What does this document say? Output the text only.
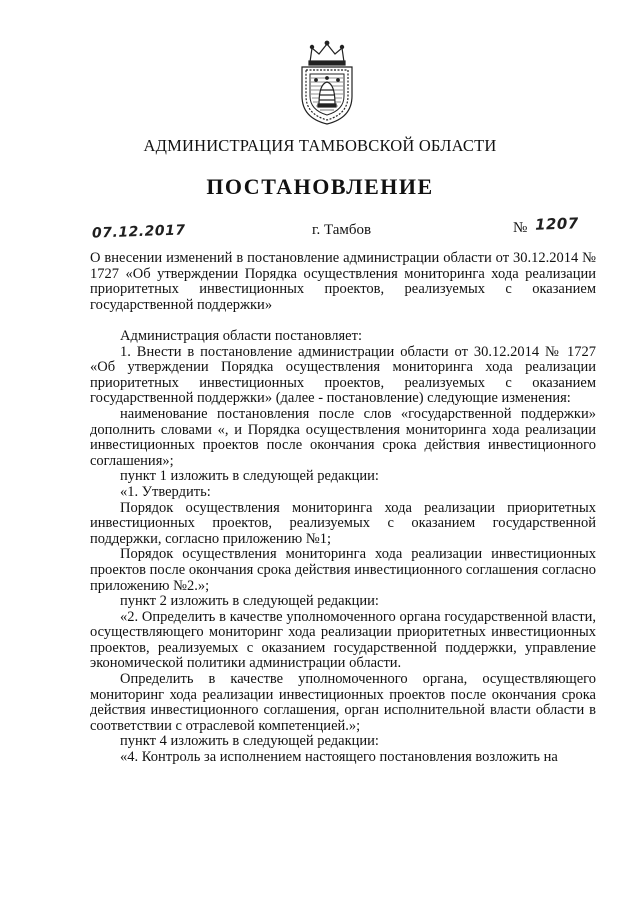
АДМИНИСТРАЦИЯ ТАМБОВСКОЙ ОБЛАСТИ
ПОСТАНОВЛЕНИЕ
07.12.2017	г. Тамбов	№ 1207

О внесении изменений в постановление администрации области от 30.12.2014 № 1727 «Об утверждении Порядка осуществления мониторинга хода реализации приоритетных инвестиционных проектов, реализуемых с оказанием государственной поддержки»

Администрация области постановляет:

1. Внести в постановление администрации области от 30.12.2014 № 1727 «Об утверждении Порядка осуществления мониторинга хода реализации приоритетных инвестиционных проектов, реализуемых с оказанием государственной поддержки» (далее - постановление) следующие изменения:

наименование постановления после слов «государственной поддержки» дополнить словами «, и Порядка осуществления мониторинга хода реализации инвестиционных проектов после окончания срока действия инвестиционного соглашения»;

пункт 1 изложить в следующей редакции:

«1. Утвердить:

Порядок осуществления мониторинга хода реализации приоритетных инвестиционных проектов, реализуемых с оказанием государственной поддержки, согласно приложению №1;

Порядок осуществления мониторинга хода реализации инвестиционных проектов после окончания срока действия инвестиционного соглашения согласно приложению №2.»;

пункт 2 изложить в следующей редакции:

«2. Определить в качестве уполномоченного органа государственной власти, осуществляющего мониторинг хода реализации приоритетных инвестиционных проектов, реализуемых с оказанием государственной поддержки, управление экономической политики администрации области.

Определить в качестве уполномоченного органа, осуществляющего мониторинг хода реализации инвестиционных проектов после окончания срока действия инвестиционного соглашения, орган исполнительной власти области в соответствии с отраслевой компетенцией.»;

пункт 4 изложить в следующей редакции:

«4. Контроль за исполнением настоящего постановления возложить на
